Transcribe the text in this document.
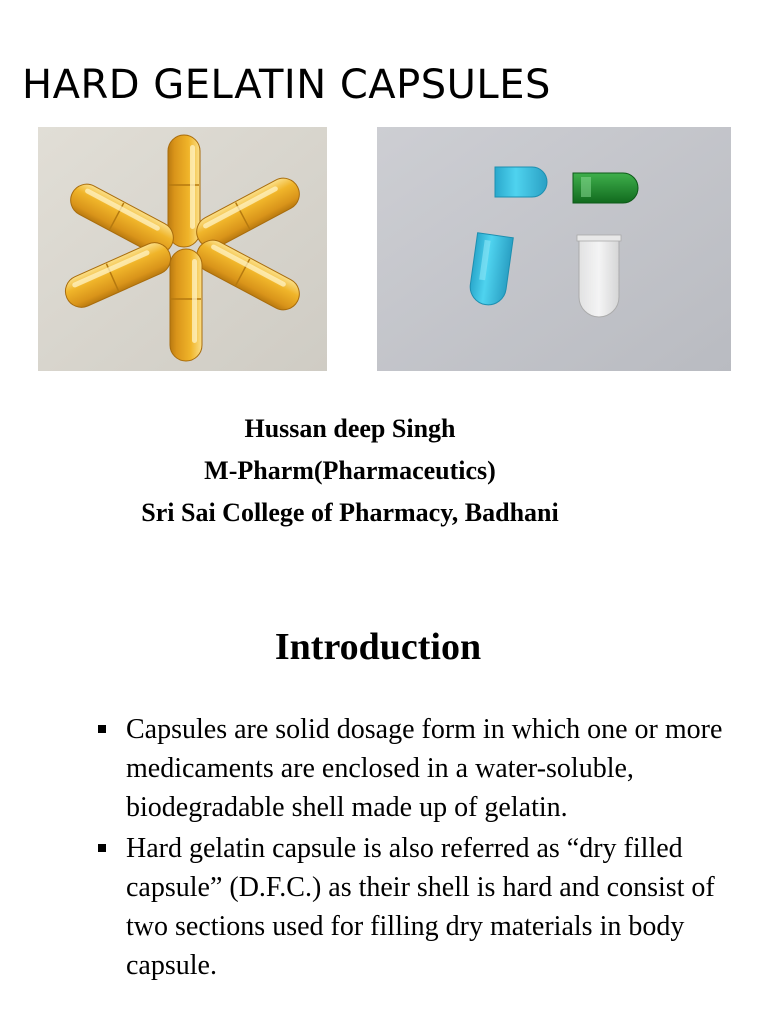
HARD GELATIN CAPSULES
Hussan deep Singh
M-Pharm(Pharmaceutics)
Sri Sai College of Pharmacy, Badhani
Introduction
Capsules are solid dosage form in which one or more medicaments are enclosed in a water-soluble, biodegradable shell made up of gelatin.
Hard gelatin capsule is also referred as “dry filled capsule” (D.F.C.) as their shell is hard and consist of two sections used for filling dry materials in body capsule.
